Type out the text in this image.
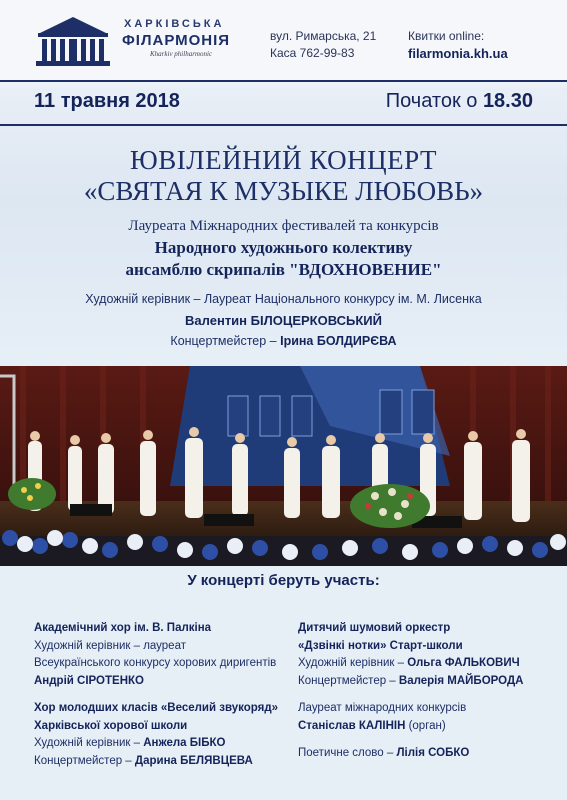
ХАРКІВСЬКА
ФІЛАРМОНІЯ
Kharkiv philharmonic
вул. Римарська, 21
Каса 762-99-83
Квитки online:
filarmonia.kh.ua
11 травня 2018	Початок о 18.30
ЮВІЛЕЙНИЙ КОНЦЕРТ
«СВЯТАЯ К МУЗЫКЕ ЛЮБОВЬ»
Лауреата Міжнародних фестивалей та конкурсів
Народного художнього колективу
ансамблю скрипалів "ВДОХНОВЕНИЕ"
Художній керівник – Лауреат Національного конкурсу ім. М. Лисенка
Валентин БІЛОЦЕРКОВСЬКИЙ
Концертмейстер – Ірина БОЛДИРЄВА
У концерті беруть участь:
Академічний хор ім. В. Палкіна
Художній керівник – лауреат
Всеукраїнського конкурсу хорових диригентів
Андрій СІРОТЕНКО
Хор молодших класів «Веселий звукоряд»
Харківської хорової школи
Художній керівник – Анжела БІБКО
Концертмейстер – Дарина БЕЛЯВЦЕВА
Дитячий шумовий оркестр
«Дзвінкі нотки» Старт-школи
Художній керівник – Ольга ФАЛЬКОВИЧ
Концертмейстер – Валерія МАЙБОРОДА
Лауреат міжнародних конкурсів
Станіслав КАЛІНІН (орган)
Поетичне слово – Лілія СОБКО
